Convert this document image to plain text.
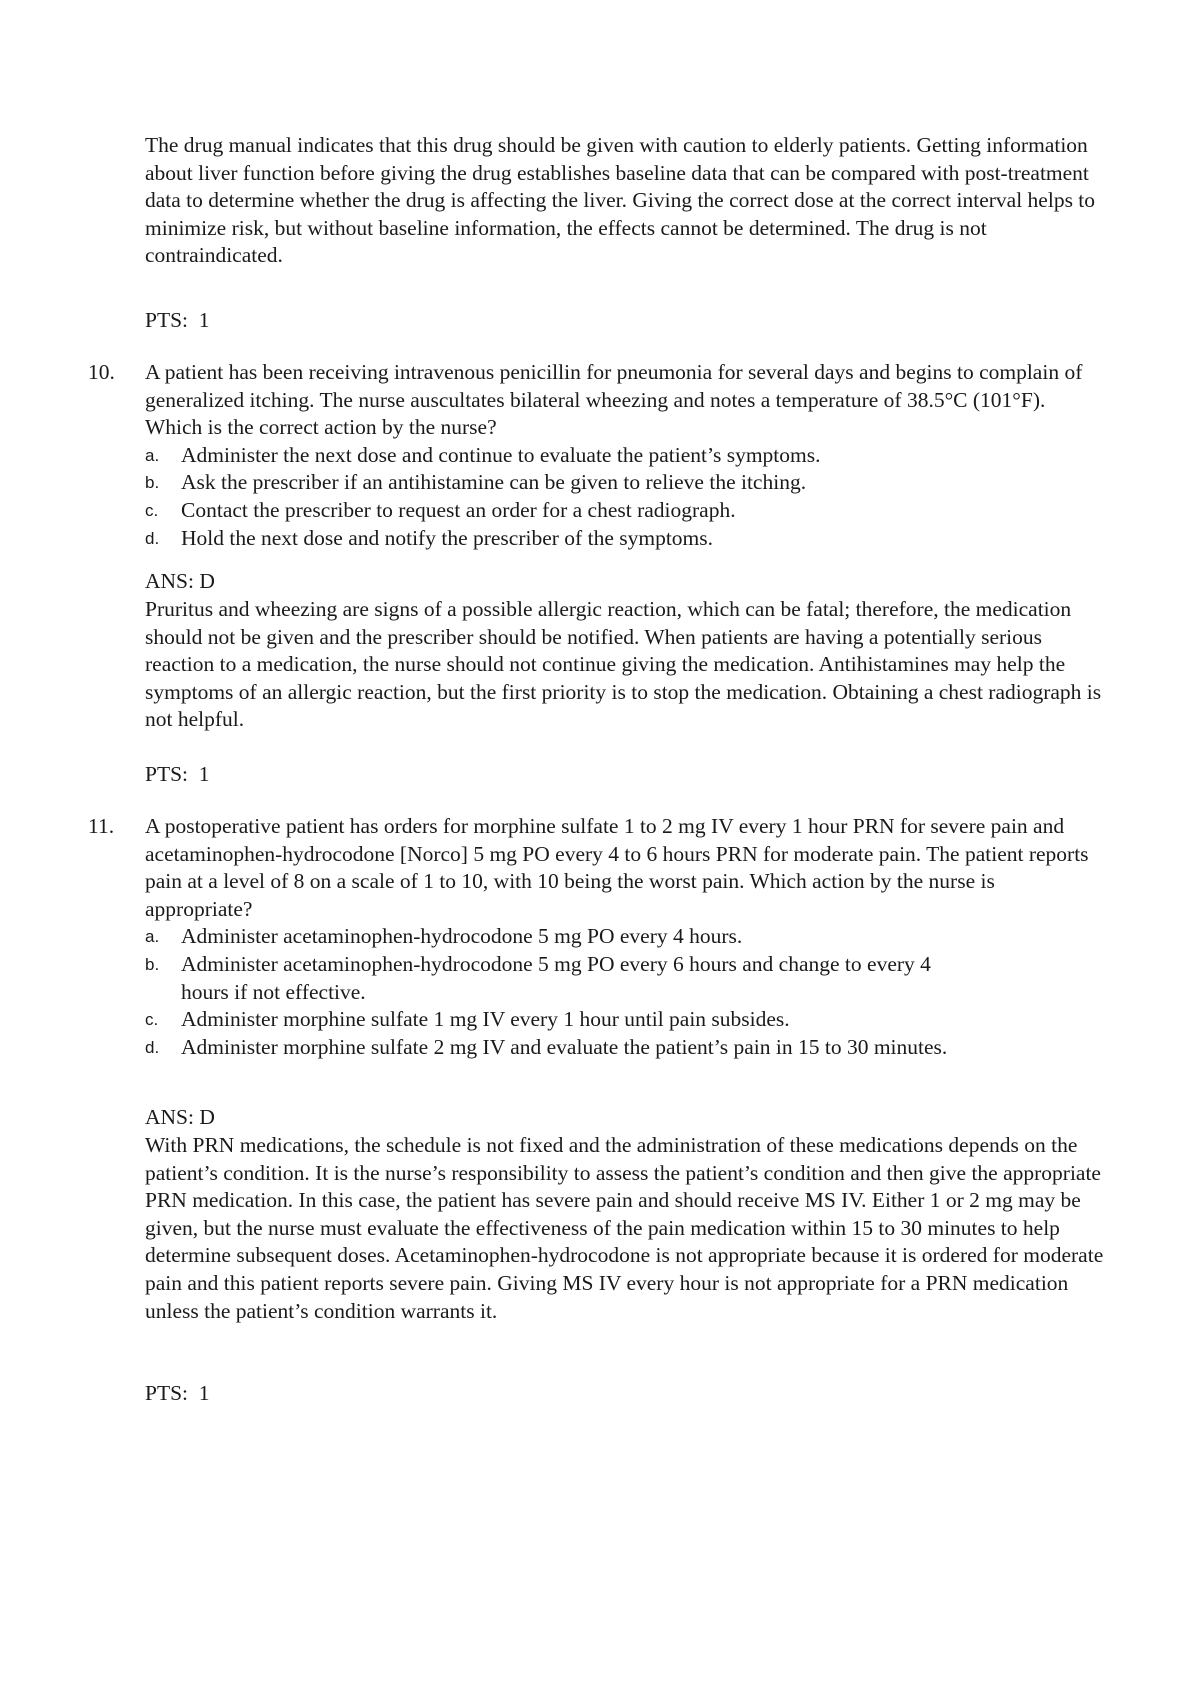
The drug manual indicates that this drug should be given with caution to elderly patients. Getting information about liver function before giving the drug establishes baseline data that can be compared with post-treatment data to determine whether the drug is affecting the liver. Giving the correct dose at the correct interval helps to minimize risk, but without baseline information, the effects cannot be determined. The drug is not contraindicated.

PTS:  1

10. A patient has been receiving intravenous penicillin for pneumonia for several days and begins to complain of generalized itching. The nurse auscultates bilateral wheezing and notes a temperature of 38.5°C (101°F). Which is the correct action by the nurse?

a. Administer the next dose and continue to evaluate the patient’s symptoms.
b. Ask the prescriber if an antihistamine can be given to relieve the itching.
c. Contact the prescriber to request an order for a chest radiograph.
d. Hold the next dose and notify the prescriber of the symptoms.

ANS: D

Pruritus and wheezing are signs of a possible allergic reaction, which can be fatal; therefore, the medication should not be given and the prescriber should be notified. When patients are having a potentially serious reaction to a medication, the nurse should not continue giving the medication. Antihistamines may help the symptoms of an allergic reaction, but the first priority is to stop the medication. Obtaining a chest radiograph is not helpful.

PTS:  1

11. A postoperative patient has orders for morphine sulfate 1 to 2 mg IV every 1 hour PRN for severe pain and acetaminophen-hydrocodone [Norco] 5 mg PO every 4 to 6 hours PRN for moderate pain. The patient reports pain at a level of 8 on a scale of 1 to 10, with 10 being the worst pain. Which action by the nurse is appropriate?

a. Administer acetaminophen-hydrocodone 5 mg PO every 4 hours.
b. Administer acetaminophen-hydrocodone 5 mg PO every 6 hours and change to every 4 hours if not effective.
c. Administer morphine sulfate 1 mg IV every 1 hour until pain subsides.
d. Administer morphine sulfate 2 mg IV and evaluate the patient’s pain in 15 to 30 minutes.

ANS: D

With PRN medications, the schedule is not fixed and the administration of these medications depends on the patient’s condition. It is the nurse’s responsibility to assess the patient’s condition and then give the appropriate PRN medication. In this case, the patient has severe pain and should receive MS IV. Either 1 or 2 mg may be given, but the nurse must evaluate the effectiveness of the pain medication within 15 to 30 minutes to help determine subsequent doses. Acetaminophen-hydrocodone is not appropriate because it is ordered for moderate pain and this patient reports severe pain. Giving MS IV every hour is not appropriate for a PRN medication unless the patient’s condition warrants it.

PTS:  1
